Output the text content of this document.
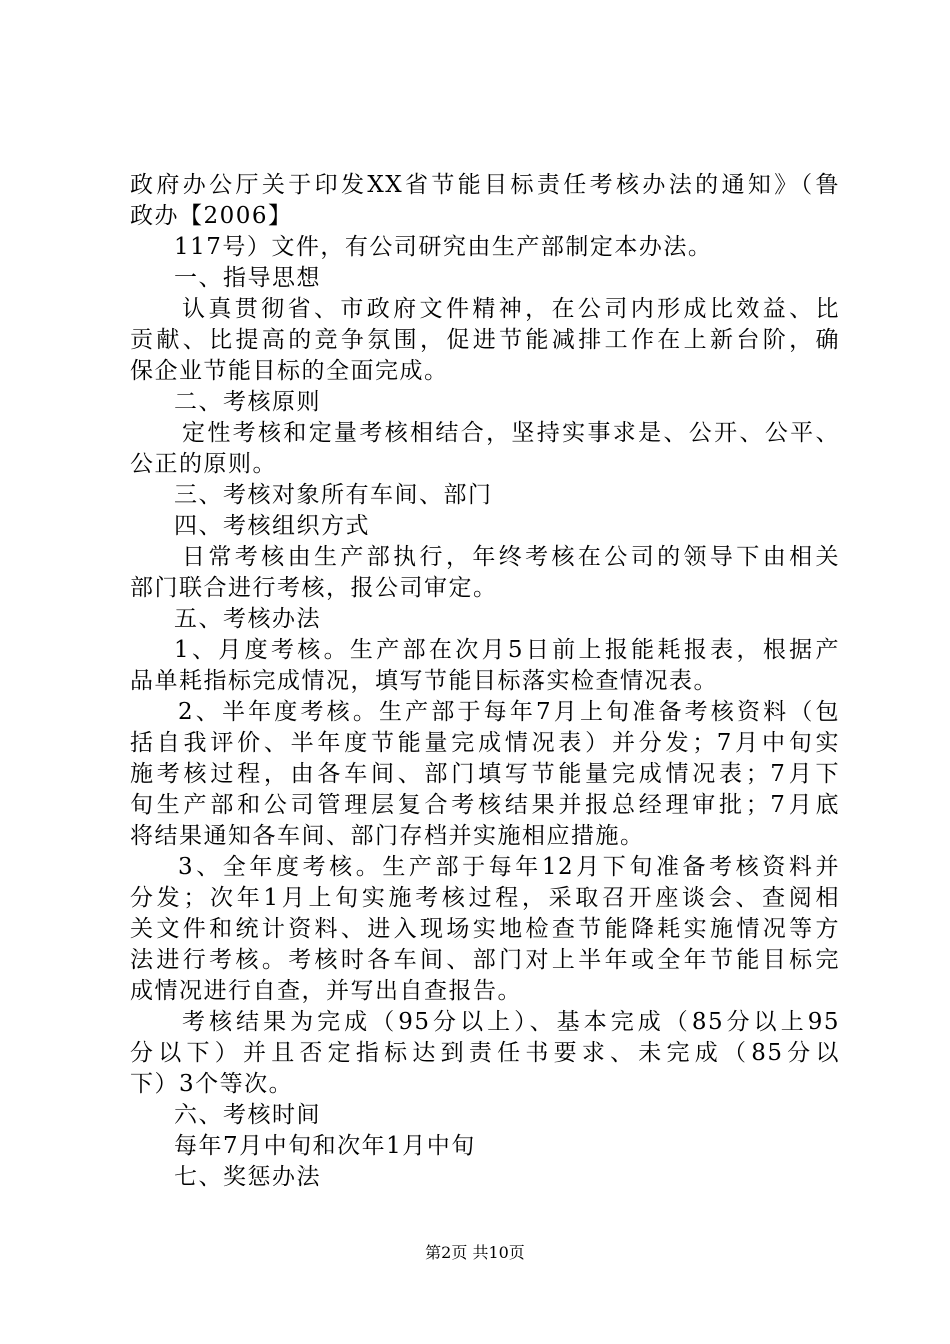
政府办公厅关于印发XX省节能目标责任考核办法的通知》（鲁
政办【2006】
117号）文件，有公司研究由生产部制定本办法。
一、指导思想
认真贯彻省、市政府文件精神，在公司内形成比效益、比
贡献、比提高的竞争氛围，促进节能减排工作在上新台阶，确
保企业节能目标的全面完成。
二、考核原则
定性考核和定量考核相结合，坚持实事求是、公开、公平、
公正的原则。
三、考核对象所有车间、部门
四、考核组织方式
日常考核由生产部执行，年终考核在公司的领导下由相关
部门联合进行考核，报公司审定。
五、考核办法
1、月度考核。生产部在次月5日前上报能耗报表，根据产
品单耗指标完成情况，填写节能目标落实检查情况表。
2、半年度考核。生产部于每年7月上旬准备考核资料（包
括自我评价、半年度节能量完成情况表）并分发；7月中旬实
施考核过程，由各车间、部门填写节能量完成情况表；7月下
旬生产部和公司管理层复合考核结果并报总经理审批；7月底
将结果通知各车间、部门存档并实施相应措施。
3、全年度考核。生产部于每年12月下旬准备考核资料并
分发；次年1月上旬实施考核过程，采取召开座谈会、查阅相
关文件和统计资料、进入现场实地检查节能降耗实施情况等方
法进行考核。考核时各车间、部门对上半年或全年节能目标完
成情况进行自查，并写出自查报告。
考核结果为完成（95分以上）、基本完成（85分以上95
分以下）并且否定指标达到责任书要求、未完成（85分以
下）3个等次。
六、考核时间
每年7月中旬和次年1月中旬
七、奖惩办法
第2页 共10页
